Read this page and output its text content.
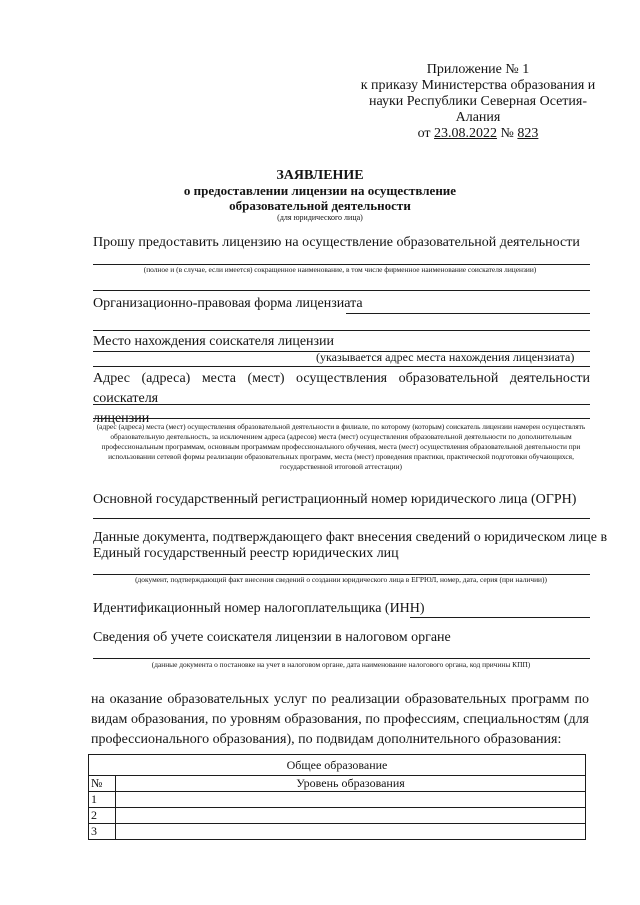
Приложение № 1
к приказу Министерства образования и
науки Республики Северная Осетия-
Алания
от 23.08.2022 № 823
ЗАЯВЛЕНИЕ
о предоставлении лицензии на осуществление
образовательной деятельности
(для юридического лица)
Прошу предоставить лицензию на осуществление образовательной деятельности
(полное и (в случае, если имеется) сокращенное наименование, в том числе фирменное наименование соискателя лицензии)
Организационно-правовая форма лицензиата
Место нахождения соискателя лицензии
(указывается адрес места нахождения лицензиата)
Адрес (адреса) места (мест) осуществления образовательной деятельности соискателя
лицензии
(адрес (адреса) места (мест) осуществления образовательной деятельности в филиале, по которому (которым) соискатель лицензии намерен осуществлять образовательную деятельность, за исключением адреса (адресов) места (мест) осуществления образовательной деятельности по дополнительным профессиональным программам, основным программам профессионального обучения, места (мест) осуществления образовательной деятельности при использовании сетевой формы реализации образовательных программ, места (мест) проведения практики, практической подготовки обучающихся, государственной итоговой аттестации)
Основной государственный регистрационный номер юридического лица (ОГРН)
Данные документа, подтверждающего факт внесения сведений о юридическом лице в
Единый государственный реестр юридических лиц
(документ, подтверждающий факт внесения сведений о создании юридического лица в ЕГРЮЛ, номер, дата, серия (при наличии))
Идентификационный номер налогоплательщика (ИНН)
Сведения об учете соискателя лицензии в налоговом органе
(данные документа о постановке на учет в налоговом органе, дата наименование налогового органа, код причины КПП)
на оказание образовательных услуг по реализации образовательных программ по видам образования, по уровням образования, по профессиям, специальностям (для профессионального образования), по подвидам дополнительного образования:
Общее образование	
№	Уровень образования
1	
2	
3	
